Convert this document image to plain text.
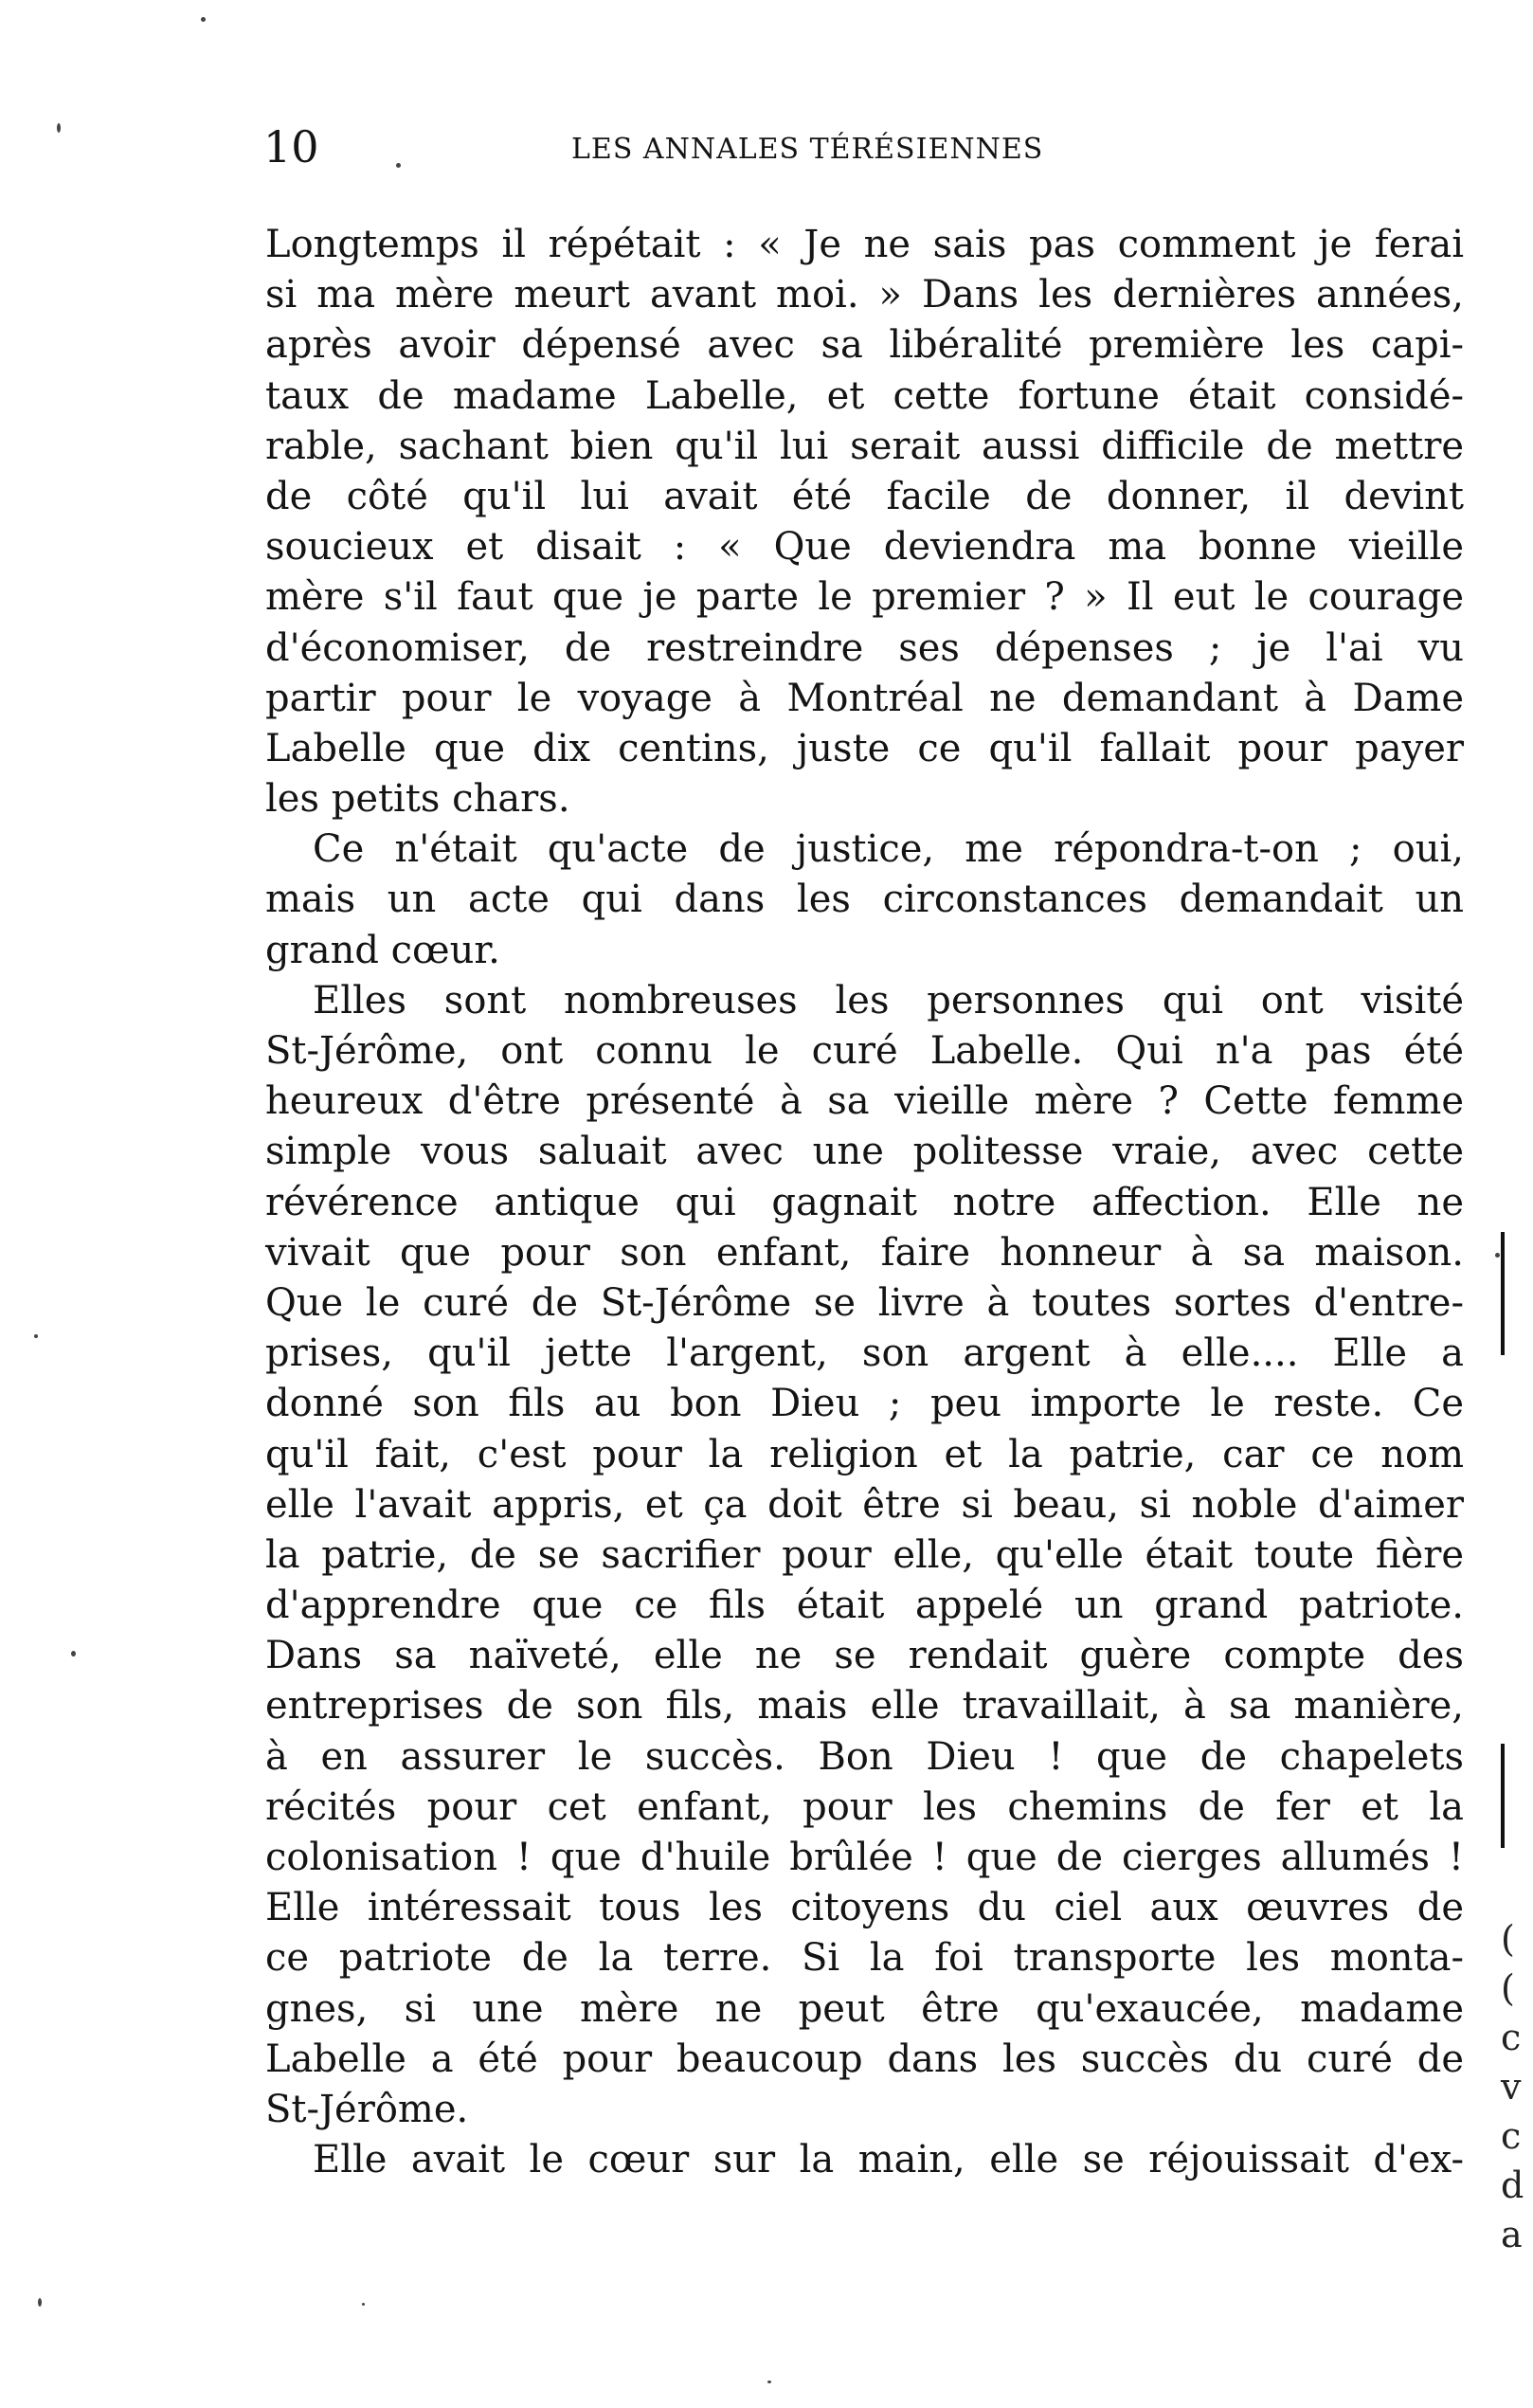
10	LES ANNALES TÉRÉSIENNES
Longtemps il répétait : « Je ne sais pas comment je ferai
si ma mère meurt avant moi. » Dans les dernières années,
après avoir dépensé avec sa libéralité première les capi-
taux de madame Labelle, et cette fortune était considé-
rable, sachant bien qu'il lui serait aussi difficile de mettre
de côté qu'il lui avait été facile de donner, il devint
soucieux et disait : « Que deviendra ma bonne vieille
mère s'il faut que je parte le premier ? » Il eut le courage
d'économiser, de restreindre ses dépenses ; je l'ai vu
partir pour le voyage à Montréal ne demandant à Dame
Labelle que dix centins, juste ce qu'il fallait pour payer
les petits chars.
Ce n'était qu'acte de justice, me répondra-t-on ; oui,
mais un acte qui dans les circonstances demandait un
grand cœur.
Elles sont nombreuses les personnes qui ont visité
St-Jérôme, ont connu le curé Labelle. Qui n'a pas été
heureux d'être présenté à sa vieille mère ? Cette femme
simple vous saluait avec une politesse vraie, avec cette
révérence antique qui gagnait notre affection. Elle ne
vivait que pour son enfant, faire honneur à sa maison.
Que le curé de St-Jérôme se livre à toutes sortes d'entre-
prises, qu'il jette l'argent, son argent à elle.... Elle a
donné son fils au bon Dieu ; peu importe le reste. Ce
qu'il fait, c'est pour la religion et la patrie, car ce nom
elle l'avait appris, et ça doit être si beau, si noble d'aimer
la patrie, de se sacrifier pour elle, qu'elle était toute fière
d'apprendre que ce fils était appelé un grand patriote.
Dans sa naïveté, elle ne se rendait guère compte des
entreprises de son fils, mais elle travaillait, à sa manière,
à en assurer le succès. Bon Dieu ! que de chapelets
récités pour cet enfant, pour les chemins de fer et la
colonisation ! que d'huile brûlée ! que de cierges allumés !
Elle intéressait tous les citoyens du ciel aux œuvres de
ce patriote de la terre. Si la foi transporte les monta-
gnes, si une mère ne peut être qu'exaucée, madame
Labelle a été pour beaucoup dans les succès du curé de
St-Jérôme.
Elle avait le cœur sur la main, elle se réjouissait d'ex-
(
(
c
v
c
d
a
